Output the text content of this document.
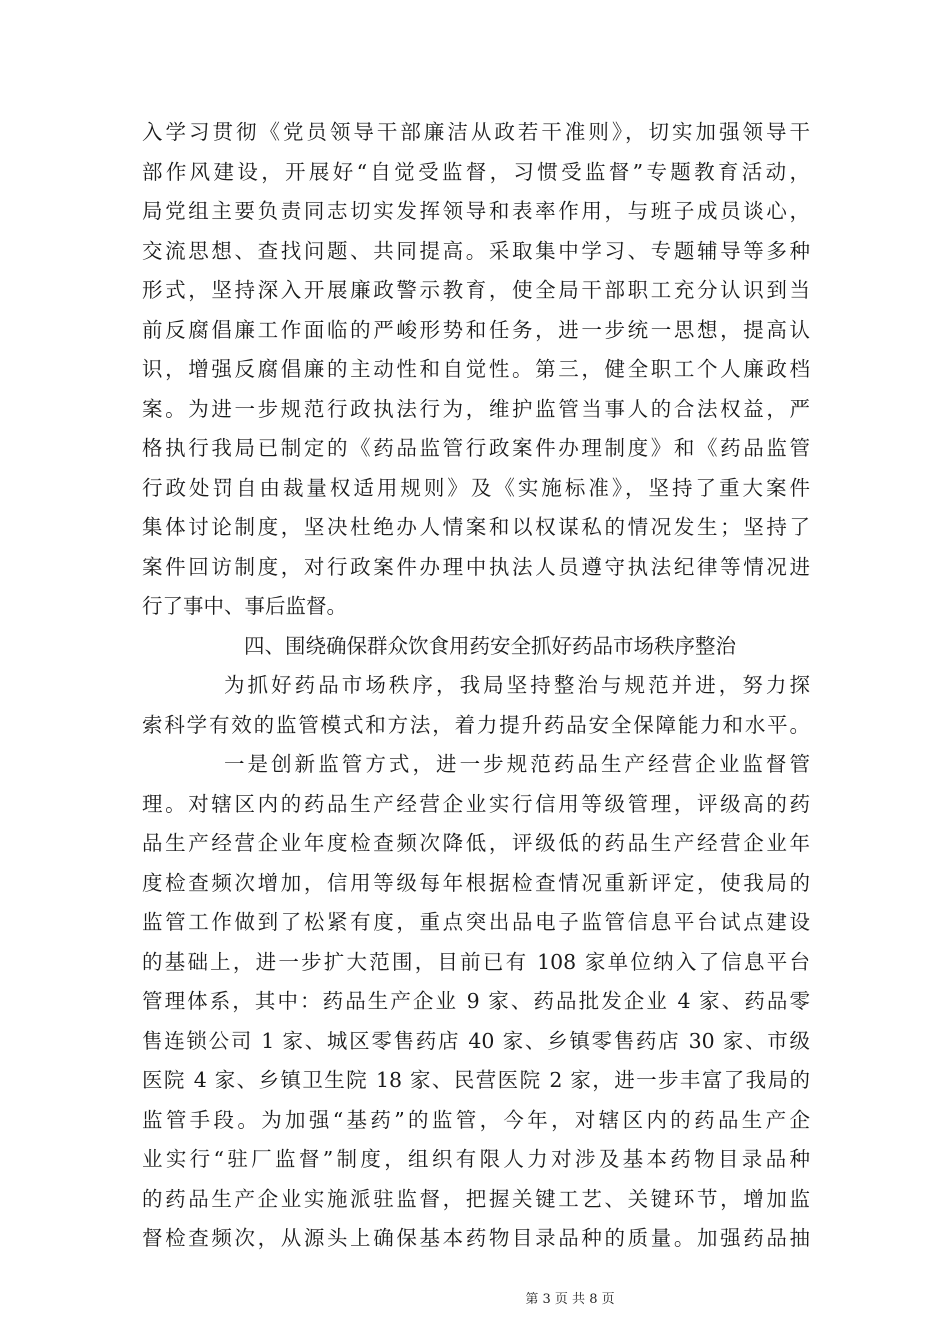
入学习贯彻《党员领导干部廉洁从政若干准则》，切实加强领导干
部作风建设，开展好“自觉受监督，习惯受监督”专题教育活动，
局党组主要负责同志切实发挥领导和表率作用，与班子成员谈心，
交流思想、查找问题、共同提高。采取集中学习、专题辅导等多种
形式，坚持深入开展廉政警示教育，使全局干部职工充分认识到当
前反腐倡廉工作面临的严峻形势和任务，进一步统一思想，提高认
识，增强反腐倡廉的主动性和自觉性。第三，健全职工个人廉政档
案。为进一步规范行政执法行为，维护监管当事人的合法权益，严
格执行我局已制定的《药品监管行政案件办理制度》和《药品监管
行政处罚自由裁量权适用规则》及《实施标准》，坚持了重大案件
集体讨论制度，坚决杜绝办人情案和以权谋私的情况发生；坚持了
案件回访制度，对行政案件办理中执法人员遵守执法纪律等情况进
行了事中、事后监督。
四、围绕确保群众饮食用药安全抓好药品市场秩序整治
为抓好药品市场秩序，我局坚持整治与规范并进，努力探
索科学有效的监管模式和方法，着力提升药品安全保障能力和水平。
一是创新监管方式，进一步规范药品生产经营企业监督管
理。对辖区内的药品生产经营企业实行信用等级管理，评级高的药
品生产经营企业年度检查频次降低，评级低的药品生产经营企业年
度检查频次增加，信用等级每年根据检查情况重新评定，使我局的
监管工作做到了松紧有度，重点突出品电子监管信息平台试点建设
的基础上，进一步扩大范围，目前已有 108 家单位纳入了信息平台
管理体系，其中：药品生产企业 9 家、药品批发企业 4 家、药品零
售连锁公司 1 家、城区零售药店 40 家、乡镇零售药店 30 家、市级
医院 4 家、乡镇卫生院 18 家、民营医院 2 家，进一步丰富了我局的
监管手段。为加强“基药”的监管，今年，对辖区内的药品生产企
业实行“驻厂监督”制度，组织有限人力对涉及基本药物目录品种
的药品生产企业实施派驻监督，把握关键工艺、关键环节，增加监
督检查频次，从源头上确保基本药物目录品种的质量。加强药品抽
第 3 页 共 8 页
